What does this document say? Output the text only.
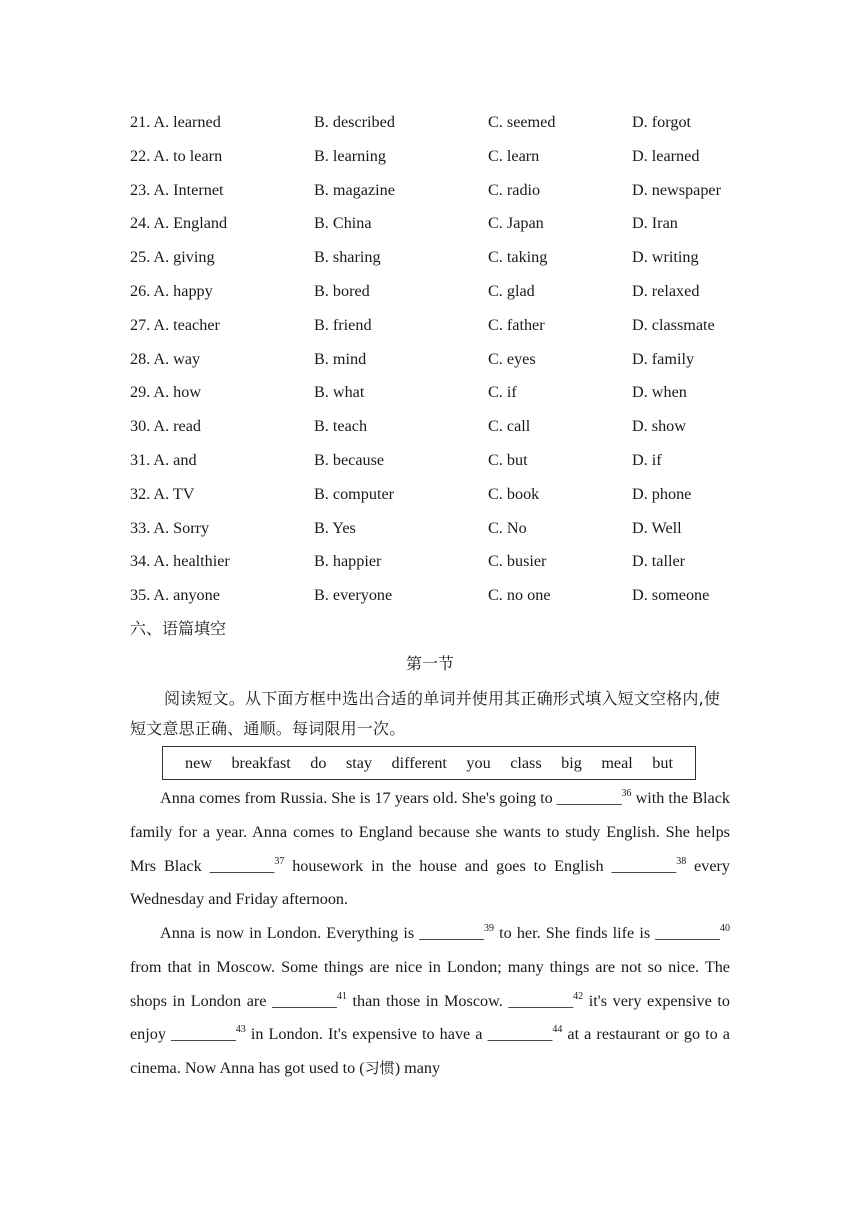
21. A. learned	B. described	C. seemed	D. forgot
22. A. to learn	B. learning	C. learn	D. learned
23. A. Internet	B. magazine	C. radio	D. newspaper
24. A. England	B. China	C. Japan	D. Iran
25. A. giving	B. sharing	C. taking	D. writing
26. A. happy	B. bored	C. glad	D. relaxed
27. A. teacher	B. friend	C. father	D. classmate
28. A. way	B. mind	C. eyes	D. family
29. A. how	B. what	C. if	D. when
30. A. read	B. teach	C. call	D. show
31. A. and	B. because	C. but	D. if
32. A. TV	B. computer	C. book	D. phone
33. A. Sorry	B. Yes	C. No	D. Well
34. A. healthier	B. happier	C. busier	D. taller
35. A. anyone	B. everyone	C. no one	D. someone
六、语篇填空
第一节
阅读短文。从下面方框中选出合适的单词并使用其正确形式填入短文空格内,使短文意思正确、通顺。每词限用一次。
new breakfast do stay different you class big meal but
Anna comes from Russia. She is 17 years old. She's going to ________$^{36}$ with the Black family for a year. Anna comes to England because she wants to study English. She helps Mrs Black ________$^{37}$ housework in the house and goes to English ________$^{38}$ every Wednesday and Friday afternoon.
Anna is now in London. Everything is ________$^{39}$ to her. She finds life is ________$^{40}$ from that in Moscow. Some things are nice in London; many things are not so nice. The shops in London are ________$^{41}$ than those in Moscow. ________$^{42}$ it's very expensive to enjoy ________$^{43}$ in London. It's expensive to have a ________$^{44}$ at a restaurant or go to a cinema. Now Anna has got used to (习惯) many
